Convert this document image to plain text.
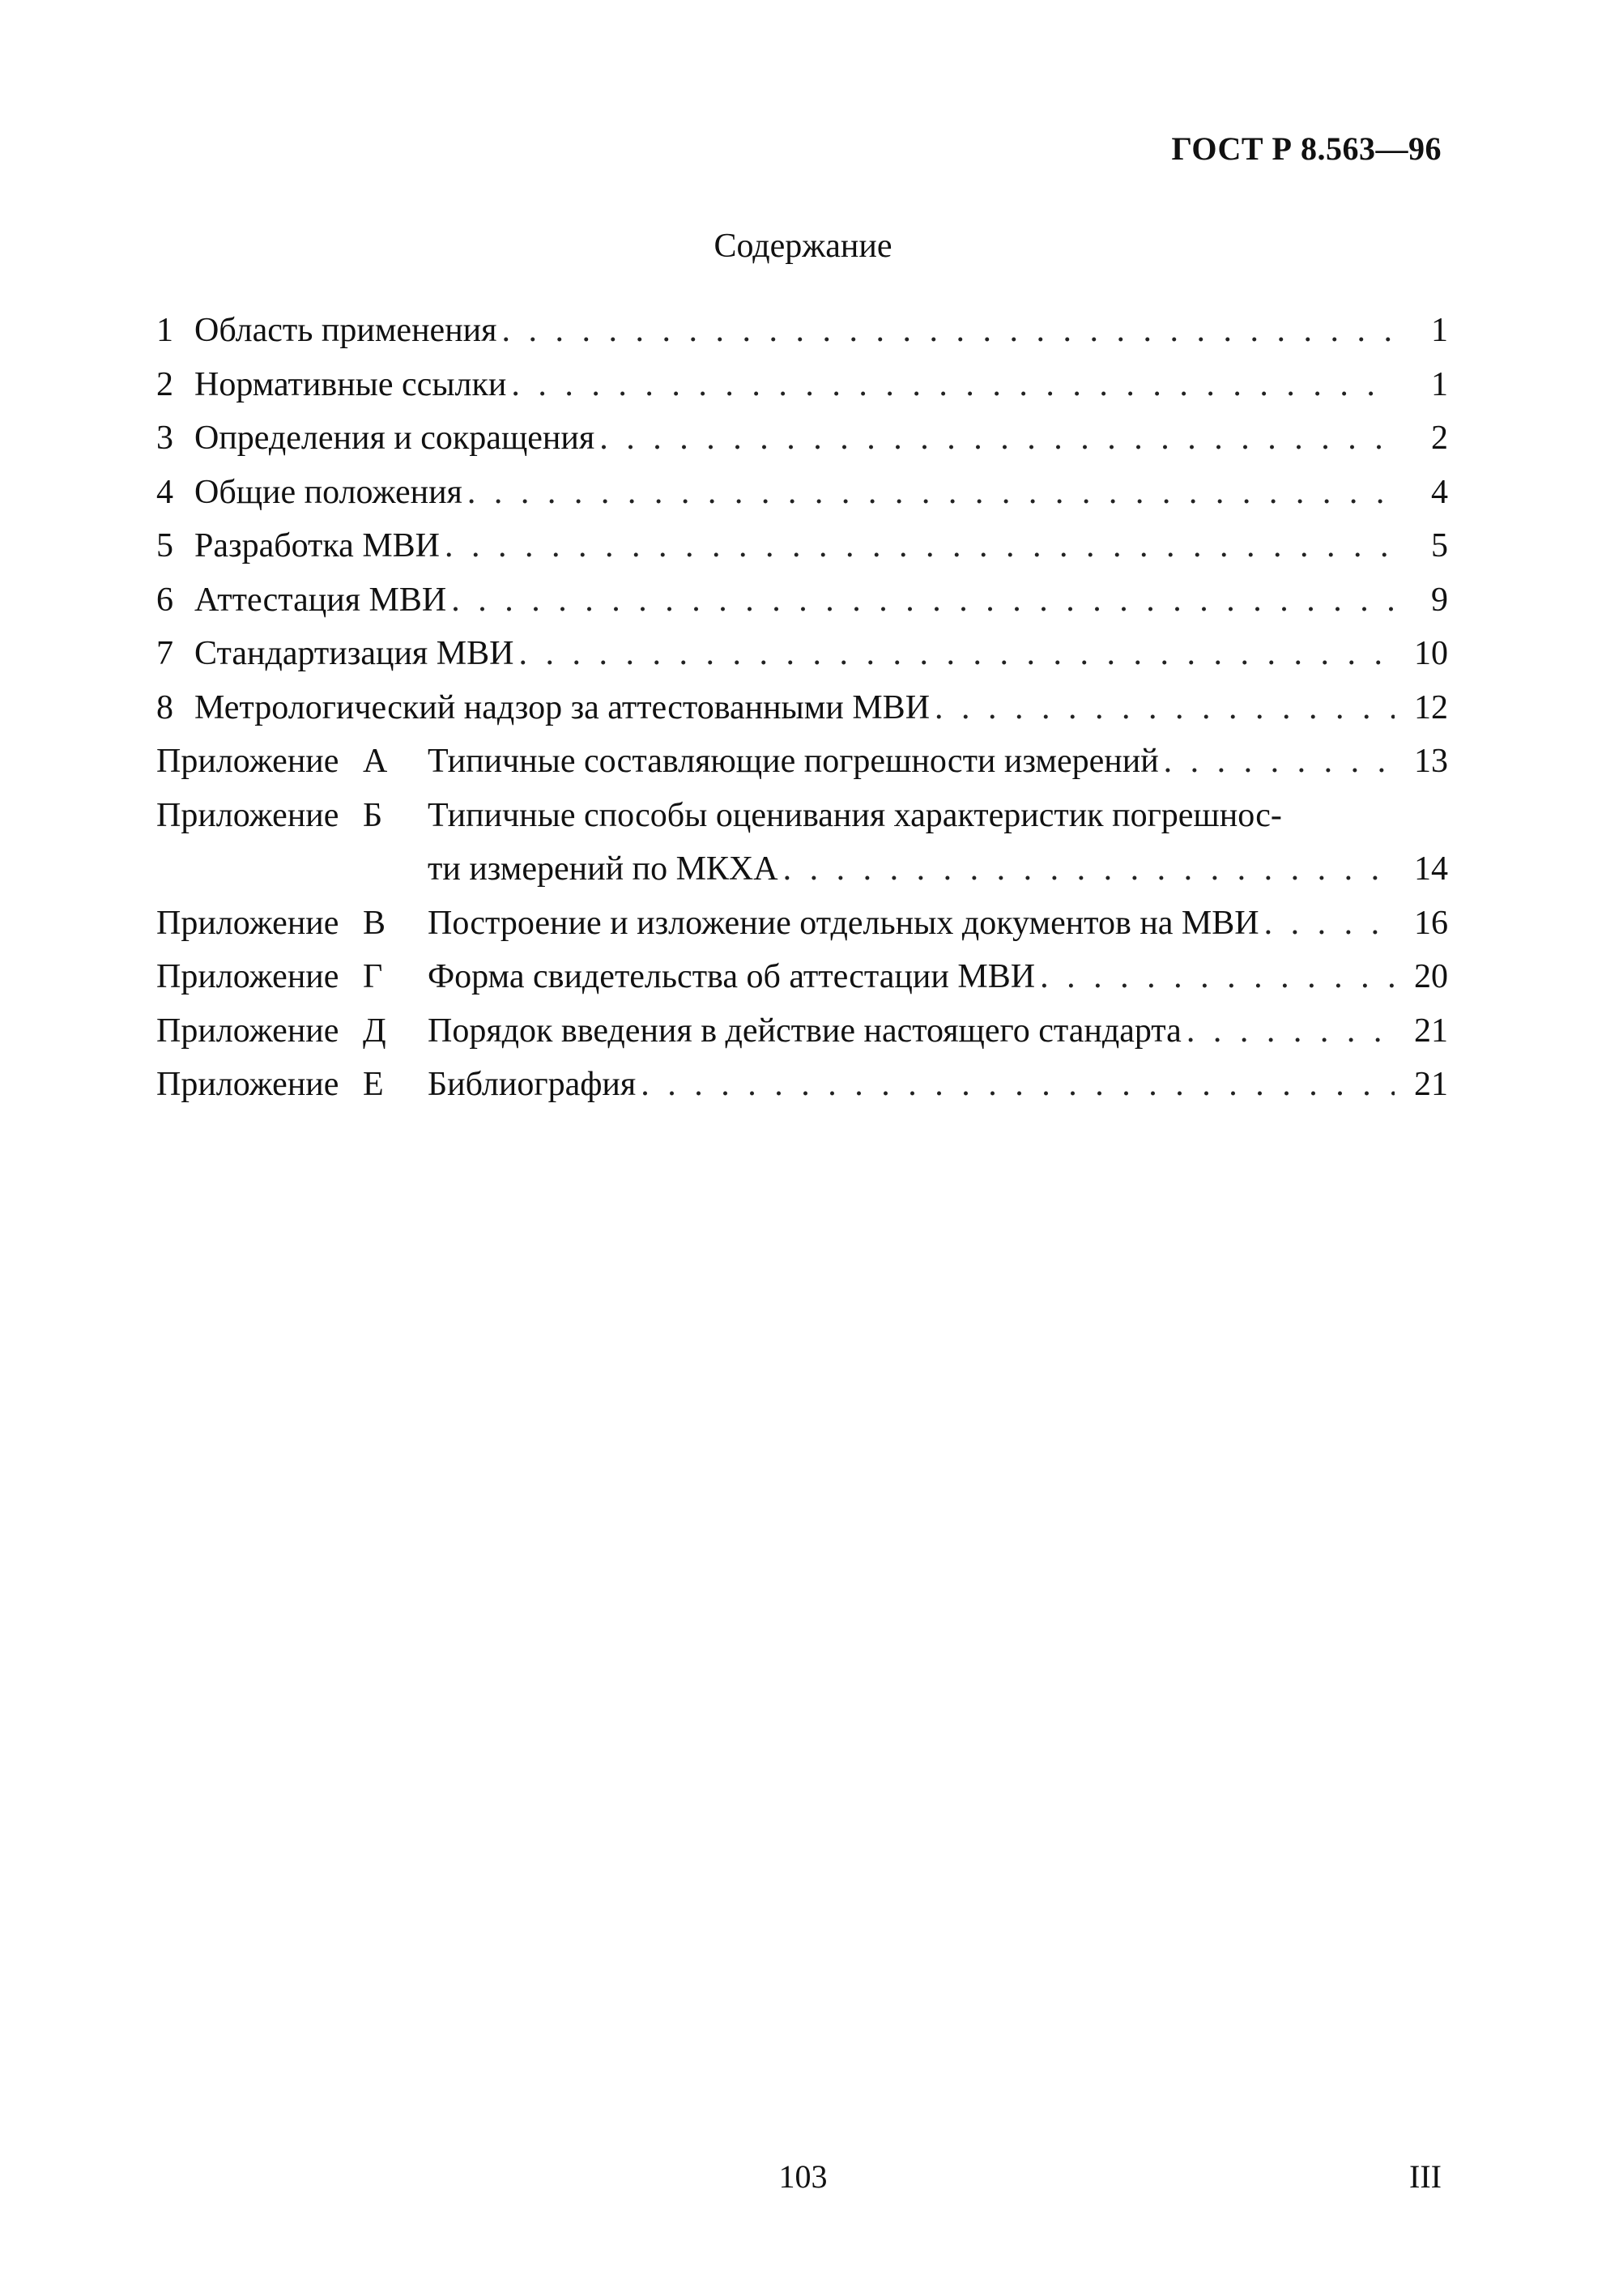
ГОСТ Р 8.563—96
Содержание
1 Область применения . . .	1
2 Нормативные ссылки . . .	1
3 Определения и сокращения . . .	2
4 Общие положения . . .	4
5 Разработка МВИ . . .	5
6 Аттестация МВИ . . .	9
7 Стандартизация МВИ . . .	10
8 Метрологический надзор за аттестованными МВИ . . .	12
Приложение А	Типичные составляющие погрешности измерений . . .	13
Приложение Б	Типичные способы оценивания характеристик погрешнос-
ти измерений по МКХА . . .	14
Приложение В	Построение и изложение отдельных документов на МВИ . . .	16
Приложение Г	Форма свидетельства об аттестации МВИ . . .	20
Приложение Д	Порядок введения в действие настоящего стандарта . . .	21
Приложение Е	Библиография . . .	21
103	III
